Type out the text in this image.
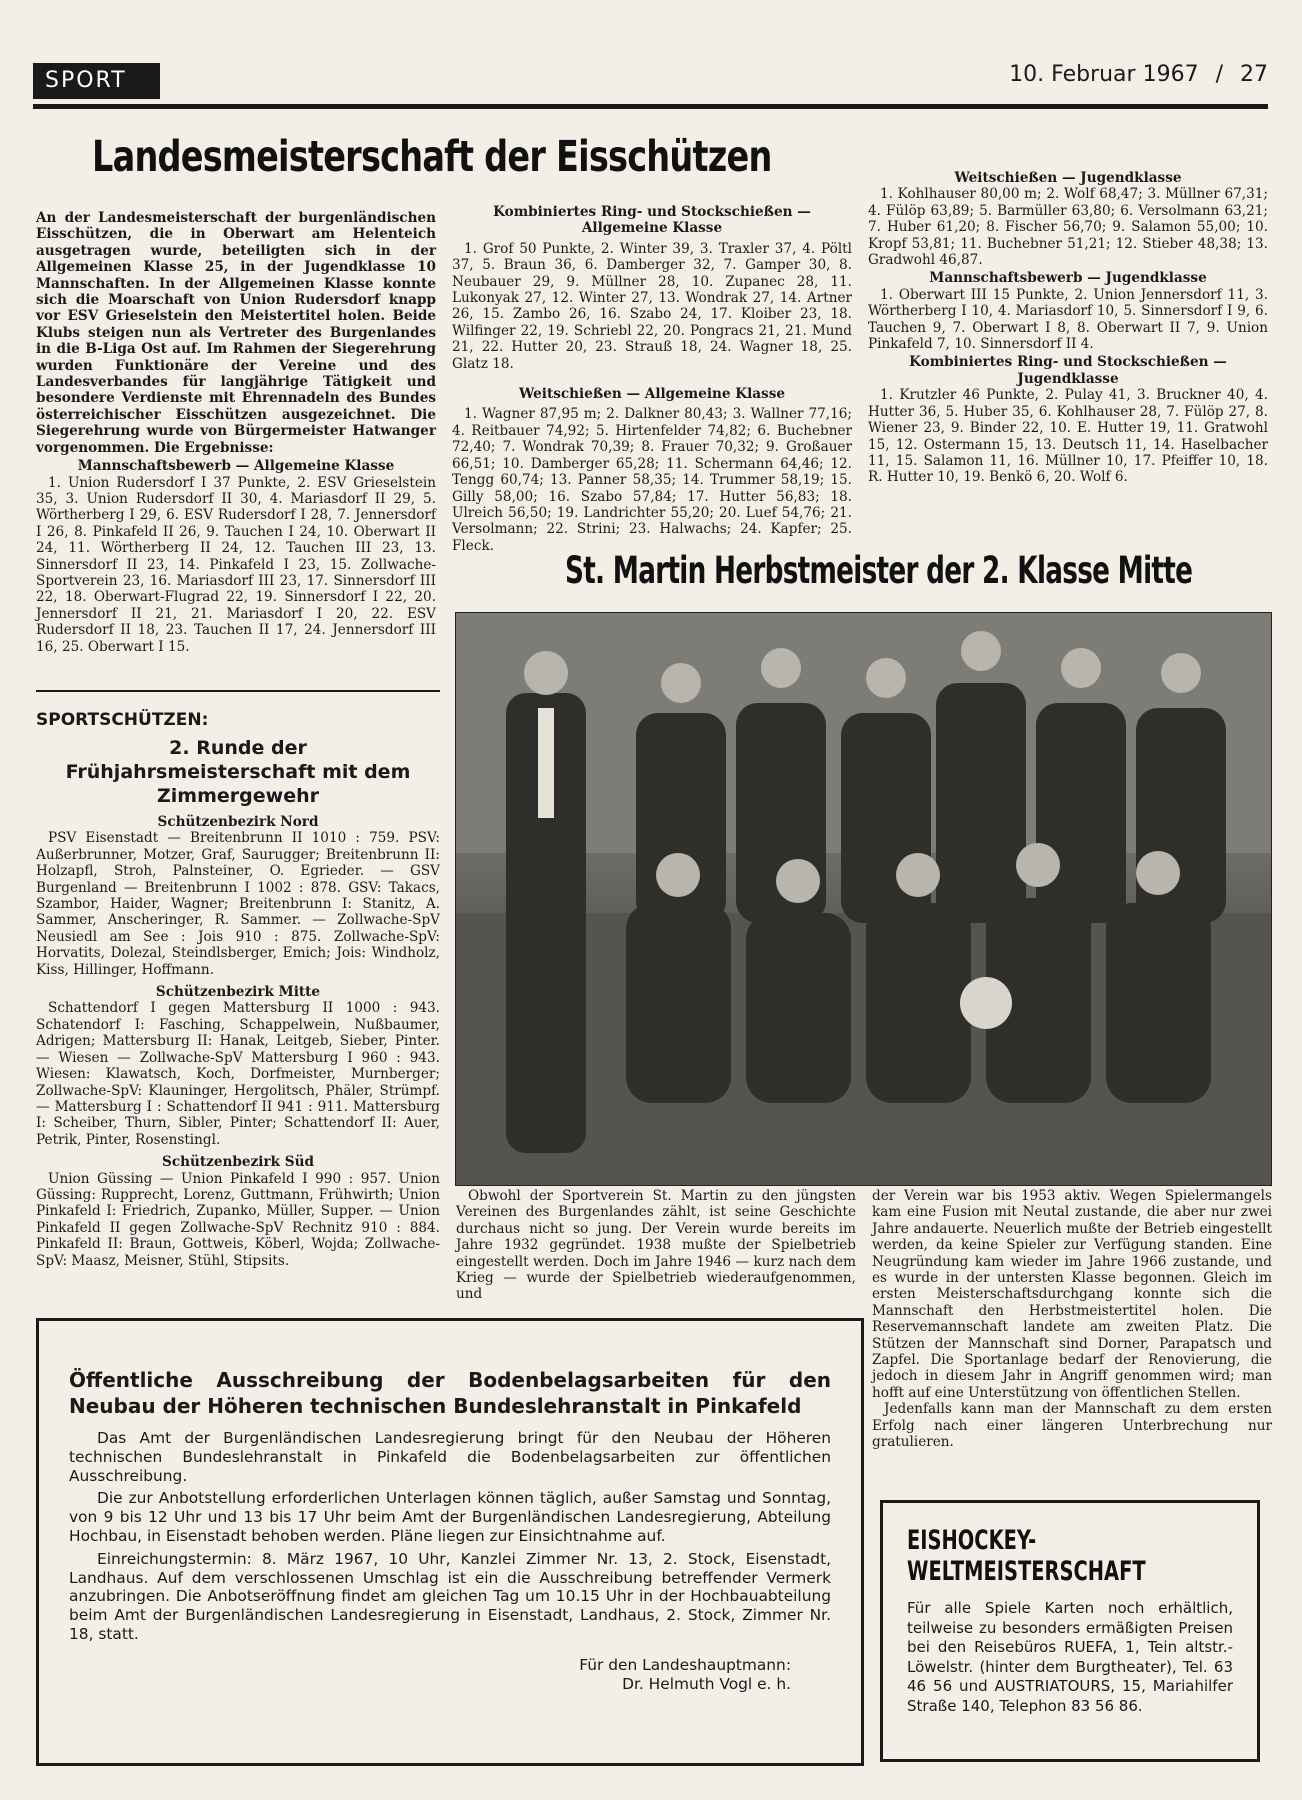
SPORT	10. Februar 1967 / 27
Landesmeisterschaft der Eisschützen

An der Landesmeisterschaft der burgenländischen Eisschützen, die in Oberwart am Helenteich ausgetragen wurde, beteiligten sich in der Allgemeinen Klasse 25, in der Jugendklasse 10 Mannschaften. In der Allgemeinen Klasse konnte sich die Moarschaft von Union Rudersdorf knapp vor ESV Grieselstein den Meistertitel holen. Beide Klubs steigen nun als Vertreter des Burgenlandes in die B-Liga Ost auf. Im Rahmen der Siegerehrung wurden Funktionäre der Vereine und des Landesverbandes für langjährige Tätigkeit und besondere Verdienste mit Ehrennadeln des Bundes österreichischer Eisschützen ausgezeichnet. Die Siegerehrung wurde von Bürgermeister Hatwanger vorgenommen. Die Ergebnisse:

Mannschaftsbewerb — Allgemeine Klasse

1. Union Rudersdorf I 37 Punkte, 2. ESV Grieselstein 35, 3. Union Rudersdorf II 30, 4. Mariasdorf II 29, 5. Wörtherberg I 29, 6. ESV Rudersdorf I 28, 7. Jennersdorf I 26, 8. Pinkafeld II 26, 9. Tauchen I 24, 10. Oberwart II 24, 11. Wörtherberg II 24, 12. Tauchen III 23, 13. Sinnersdorf II 23, 14. Pinkafeld I 23, 15. Zollwache-Sportverein 23, 16. Mariasdorf III 23, 17. Sinnersdorf III 22, 18. Oberwart-Flugrad 22, 19. Sinnersdorf I 22, 20. Jennersdorf II 21, 21. Mariasdorf I 20, 22. ESV Rudersdorf II 18, 23. Tauchen II 17, 24. Jennersdorf III 16, 25. Oberwart I 15.

Kombiniertes Ring- und Stockschießen —
Allgemeine Klasse

1. Grof 50 Punkte, 2. Winter 39, 3. Traxler 37, 4. Pöltl 37, 5. Braun 36, 6. Damberger 32, 7. Gamper 30, 8. Neubauer 29, 9. Müllner 28, 10. Zupanec 28, 11. Lukonyak 27, 12. Winter 27, 13. Wondrak 27, 14. Artner 26, 15. Zambo 26, 16. Szabo 24, 17. Kloiber 23, 18. Wilfinger 22, 19. Schriebl 22, 20. Pongracs 21, 21. Mund 21, 22. Hutter 20, 23. Strauß 18, 24. Wagner 18, 25. Glatz 18.

Weitschießen — Allgemeine Klasse

1. Wagner 87,95 m; 2. Dalkner 80,43; 3. Wallner 77,16; 4. Reitbauer 74,92; 5. Hirtenfelder 74,82; 6. Buchebner 72,40; 7. Wondrak 70,39; 8. Frauer 70,32; 9. Großauer 66,51; 10. Damberger 65,28; 11. Schermann 64,46; 12. Tengg 60,74; 13. Panner 58,35; 14. Trummer 58,19; 15. Gilly 58,00; 16. Szabo 57,84; 17. Hutter 56,83; 18. Ulreich 56,50; 19. Landrichter 55,20; 20. Luef 54,76; 21. Versolmann; 22. Strini; 23. Halwachs; 24. Kapfer; 25. Fleck.

Weitschießen — Jugendklasse

1. Kohlhauser 80,00 m; 2. Wolf 68,47; 3. Müllner 67,31; 4. Fülöp 63,89; 5. Barmüller 63,80; 6. Versolmann 63,21; 7. Huber 61,20; 8. Fischer 56,70; 9. Salamon 55,00; 10. Kropf 53,81; 11. Buchebner 51,21; 12. Stieber 48,38; 13. Gradwohl 46,87.

Mannschaftsbewerb — Jugendklasse

1. Oberwart III 15 Punkte, 2. Union Jennersdorf 11, 3. Wörtherberg I 10, 4. Mariasdorf 10, 5. Sinnersdorf I 9, 6. Tauchen 9, 7. Oberwart I 8, 8. Oberwart II 7, 9. Union Pinkafeld 7, 10. Sinnersdorf II 4.

Kombiniertes Ring- und Stockschießen —
Jugendklasse

1. Krutzler 46 Punkte, 2. Pulay 41, 3. Bruckner 40, 4. Hutter 36, 5. Huber 35, 6. Kohlhauser 28, 7. Fülöp 27, 8. Wiener 23, 9. Binder 22, 10. E. Hutter 19, 11. Gratwohl 15, 12. Ostermann 15, 13. Deutsch 11, 14. Haselbacher 11, 15. Salamon 11, 16. Müllner 10, 17. Pfeiffer 10, 18. R. Hutter 10, 19. Benkö 6, 20. Wolf 6.

SPORTSCHÜTZEN:
2. Runde der Frühjahrsmeisterschaft mit dem Zimmergewehr

Schützenbezirk Nord

PSV Eisenstadt — Breitenbrunn II 1010 : 759. PSV: Außerbrunner, Motzer, Graf, Saurugger; Breitenbrunn II: Holzapfl, Stroh, Palnsteiner, O. Egrieder. — GSV Burgenland — Breitenbrunn I 1002 : 878. GSV: Takacs, Szambor, Haider, Wagner; Breitenbrunn I: Stanitz, A. Sammer, Anscheringer, R. Sammer. — Zollwache-SpV Neusiedl am See : Jois 910 : 875. Zollwache-SpV: Horvatits, Dolezal, Steindlsberger, Emich; Jois: Windholz, Kiss, Hillinger, Hoffmann.

Schützenbezirk Mitte

Schattendorf I gegen Mattersburg II 1000 : 943. Schatendorf I: Fasching, Schappelwein, Nußbaumer, Adrigen; Mattersburg II: Hanak, Leitgeb, Sieber, Pinter. — Wiesen — Zollwache-SpV Mattersburg I 960 : 943. Wiesen: Klawatsch, Koch, Dorfmeister, Murnberger; Zollwache-SpV: Klauninger, Hergolitsch, Phäler, Strümpf. — Mattersburg I : Schattendorf II 941 : 911. Mattersburg I: Scheiber, Thurn, Sibler, Pinter; Schattendorf II: Auer, Petrik, Pinter, Rosenstingl.

Schützenbezirk Süd

Union Güssing — Union Pinkafeld I 990 : 957. Union Güssing: Rupprecht, Lorenz, Guttmann, Frühwirth; Union Pinkafeld I: Friedrich, Zupanko, Müller, Supper. — Union Pinkafeld II gegen Zollwache-SpV Rechnitz 910 : 884. Pinkafeld II: Braun, Gottweis, Köberl, Wojda; Zollwache-SpV: Maasz, Meisner, Stühl, Stipsits.

St. Martin Herbstmeister der 2. Klasse Mitte

Obwohl der Sportverein St. Martin zu den jüngsten Vereinen des Burgenlandes zählt, ist seine Geschichte durchaus nicht so jung. Der Verein wurde bereits im Jahre 1932 gegründet. 1938 mußte der Spielbetrieb eingestellt werden. Doch im Jahre 1946 — kurz nach dem Krieg — wurde der Spielbetrieb wiederaufgenommen, und

der Verein war bis 1953 aktiv. Wegen Spielermangels kam eine Fusion mit Neutal zustande, die aber nur zwei Jahre andauerte. Neuerlich mußte der Betrieb eingestellt werden, da keine Spieler zur Verfügung standen. Eine Neugründung kam wieder im Jahre 1966 zustande, und es wurde in der untersten Klasse begonnen. Gleich im ersten Meisterschaftsdurchgang konnte sich die Mannschaft den Herbstmeistertitel holen. Die Reservemannschaft landete am zweiten Platz. Die Stützen der Mannschaft sind Dorner, Parapatsch und Zapfel. Die Sportanlage bedarf der Renovierung, die jedoch in diesem Jahr in Angriff genommen wird; man hofft auf eine Unterstützung von öffentlichen Stellen.

Jedenfalls kann man der Mannschaft zu dem ersten Erfolg nach einer längeren Unterbrechung nur gratulieren.

Öffentliche Ausschreibung der Bodenbelagsarbeiten für den Neubau der Höheren technischen Bundeslehranstalt in Pinkafeld

Das Amt der Burgenländischen Landesregierung bringt für den Neubau der Höheren technischen Bundeslehranstalt in Pinkafeld die Bodenbelagsarbeiten zur öffentlichen Ausschreibung.

Die zur Anbotstellung erforderlichen Unterlagen können täglich, außer Samstag und Sonntag, von 9 bis 12 Uhr und 13 bis 17 Uhr beim Amt der Burgenländischen Landesregierung, Abteilung Hochbau, in Eisenstadt behoben werden. Pläne liegen zur Einsichtnahme auf.

Einreichungstermin: 8. März 1967, 10 Uhr, Kanzlei Zimmer Nr. 13, 2. Stock, Eisenstadt, Landhaus. Auf dem verschlossenen Umschlag ist ein die Ausschreibung betreffender Vermerk anzubringen. Die Anbotseröffnung findet am gleichen Tag um 10.15 Uhr in der Hochbauabteilung beim Amt der Burgenländischen Landesregierung in Eisenstadt, Landhaus, 2. Stock, Zimmer Nr. 18, statt.

Für den Landeshauptmann:

Dr. Helmuth Vogl e. h.

EISHOCKEY-
WELTMEISTERSCHAFT

Für alle Spiele Karten noch erhältlich, teilweise zu besonders ermäßigten Preisen bei den Reisebüros RUEFA, 1, Tein altstr.-Löwelstr. (hinter dem Burgtheater), Tel. 63 46 56 und AUSTRIATOURS, 15, Mariahilfer Straße 140, Telephon 83 56 86.
